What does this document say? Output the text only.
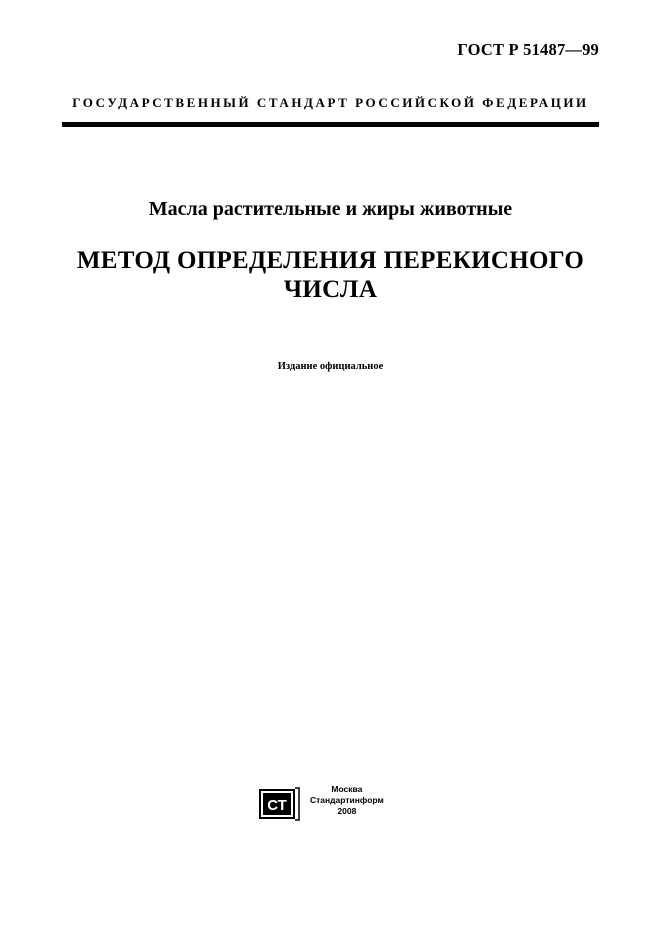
ГОСТ Р 51487—99
ГОСУДАРСТВЕННЫЙ СТАНДАРТ РОССИЙСКОЙ ФЕДЕРАЦИИ
Масла растительные и жиры животные
МЕТОД ОПРЕДЕЛЕНИЯ ПЕРЕКИСНОГО
ЧИСЛА
Издание официальное
СТ
Москва
Стандартинформ
2008
